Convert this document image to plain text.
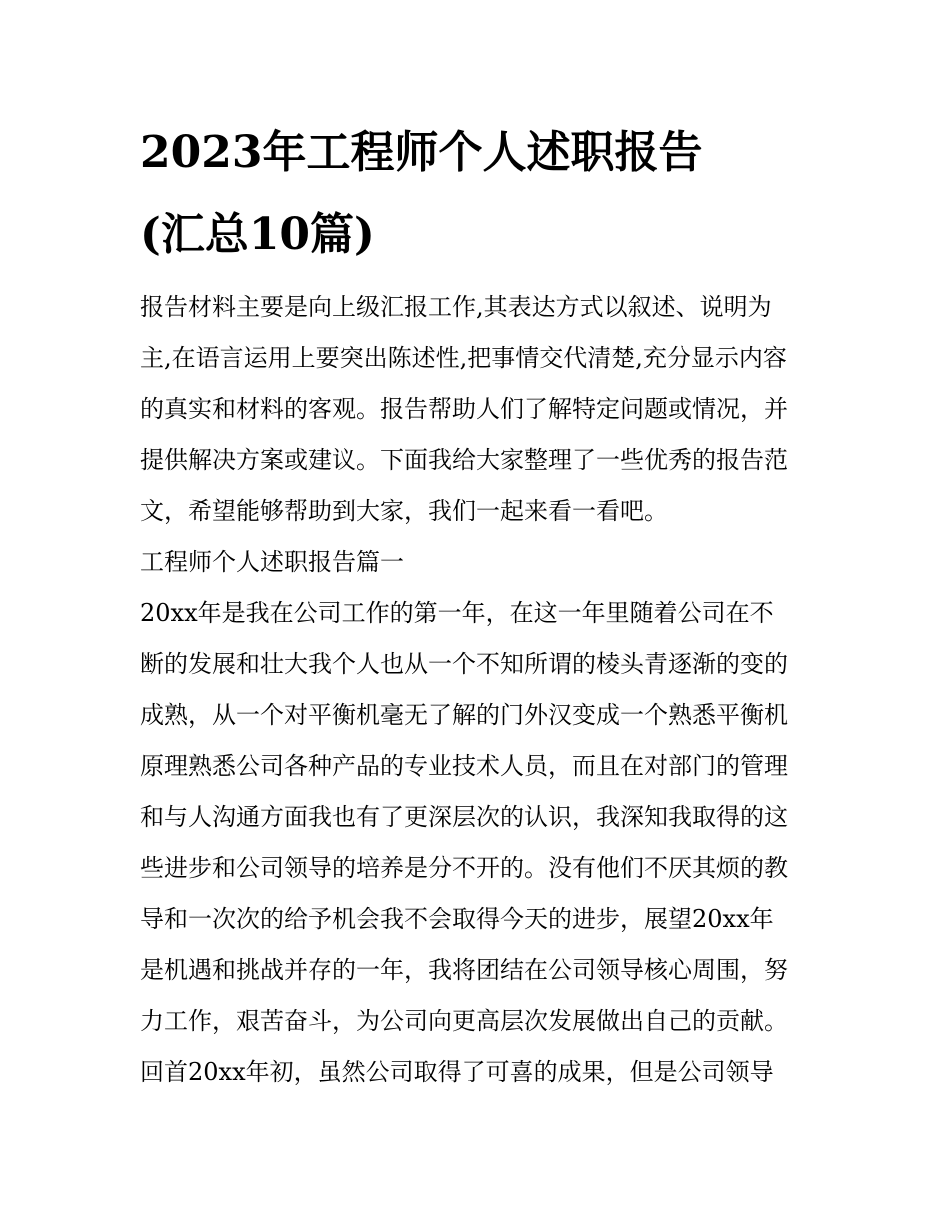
2023年工程师个人述职报告
(汇总10篇)

报告材料主要是向上级汇报工作,其表达方式以叙述、说明为
主,在语言运用上要突出陈述性,把事情交代清楚,充分显示内容
的真实和材料的客观。报告帮助人们了解特定问题或情况，并
提供解决方案或建议。下面我给大家整理了一些优秀的报告范
文，希望能够帮助到大家，我们一起来看一看吧。

工程师个人述职报告篇一

20xx年是我在公司工作的第一年，在这一年里随着公司在不
断的发展和壮大我个人也从一个不知所谓的棱头青逐渐的变的
成熟，从一个对平衡机毫无了解的门外汉变成一个熟悉平衡机
原理熟悉公司各种产品的专业技术人员，而且在对部门的管理
和与人沟通方面我也有了更深层次的认识，我深知我取得的这
些进步和公司领导的培养是分不开的。没有他们不厌其烦的教
导和一次次的给予机会我不会取得今天的进步，展望20xx年
是机遇和挑战并存的一年，我将团结在公司领导核心周围，努
力工作，艰苦奋斗，为公司向更高层次发展做出自己的贡献。
回首20xx年初，虽然公司取得了可喜的成果，但是公司领导
